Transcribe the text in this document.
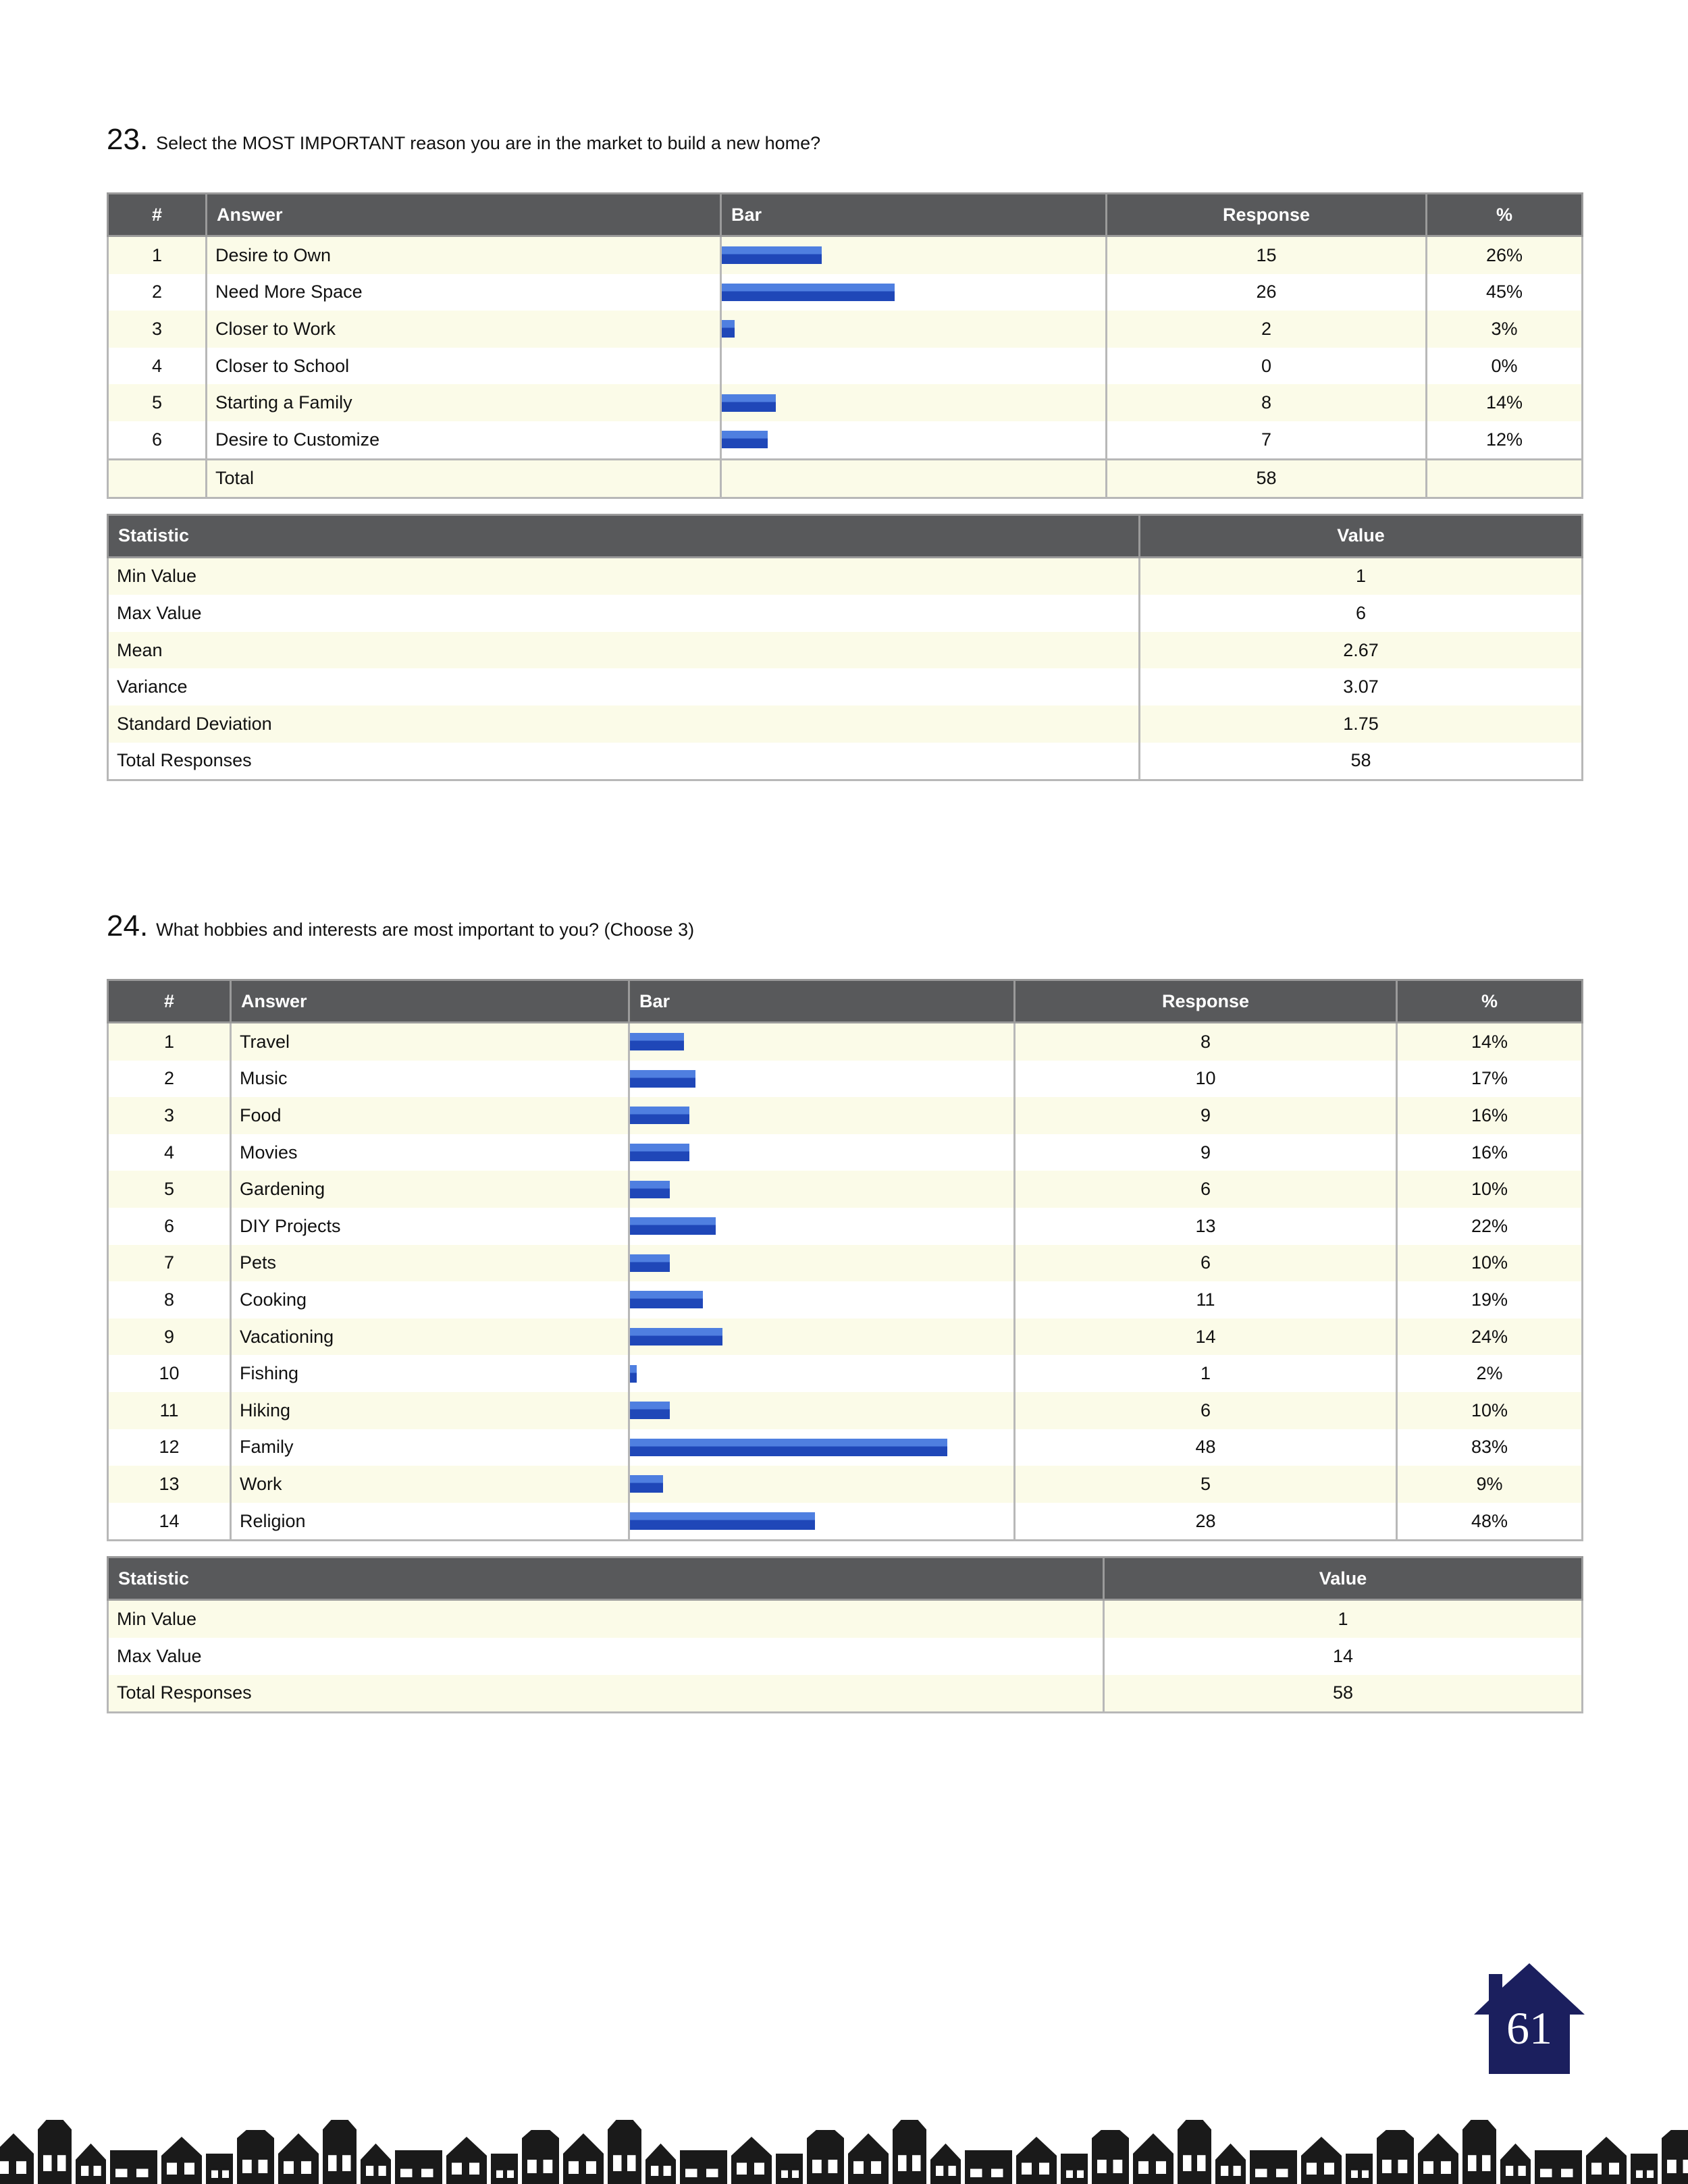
23. Select the MOST IMPORTANT reason you are in the market to build a new home?
#	Answer	Bar	Response	%
1	Desire to Own		15	26%
2	Need More Space		26	45%
3	Closer to Work		2	3%
4	Closer to School		0	0%
5	Starting a Family		8	14%
6	Desire to Customize		7	12%
	Total		58	
Statistic	Value
Min Value	1
Max Value	6
Mean	2.67
Variance	3.07
Standard Deviation	1.75
Total Responses	58
24. What hobbies and interests are most important to you? (Choose 3)
#	Answer	Bar	Response	%
1	Travel		8	14%
2	Music		10	17%
3	Food		9	16%
4	Movies		9	16%
5	Gardening		6	10%
6	DIY Projects		13	22%
7	Pets		6	10%
8	Cooking		11	19%
9	Vacationing		14	24%
10	Fishing		1	2%
11	Hiking		6	10%
12	Family		48	83%
13	Work		5	9%
14	Religion		28	48%
Statistic	Value
Min Value	1
Max Value	14
Total Responses	58
61
